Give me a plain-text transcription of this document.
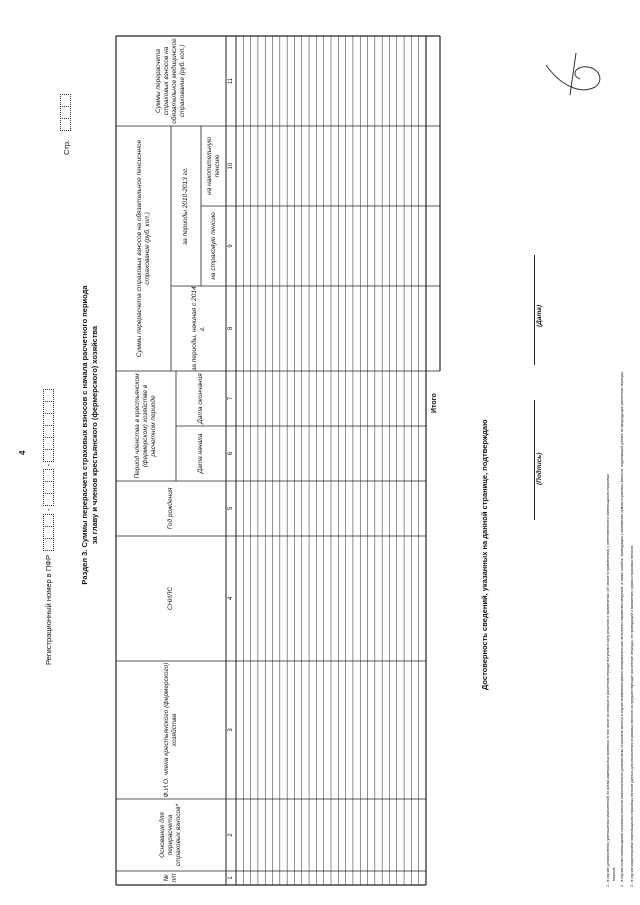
4
Регистрационный номер в ПФР
-
-
Стр.
Раздел 3. Суммы перерасчета страховых взносов с начала расчетного периода за главу и членов крестьянского (фермерского) хозяйства
№ п/п
Основание для перерасчета страховых взносов*
Ф.И.О. члена крестьянского (фермерского) хозяйства
СНИЛС
Год рождения
Период членства в крестьянском (фермерском) хозяйстве в расчетном периоде	Дата начала
Дата окончания
Суммы перерасчета страховых взносов на обязательное пенсионное страхование (руб. коп.)
за периоды, начиная с 2014 г.
за периоды 2010-2013 гг.
на страховую пенсию
на накопительную пенсию
Суммы перерасчета страховых взносов на обязательное медицинское страхование (руб. коп.)
1
2
3
4
5
6
7
8
9
10
11
Итого
Достоверность сведений, указанных на данной странице, подтверждаю	(Подпись)
(Дата)
1 - в случае доначисления (уменьшения начисленной) по актам камеральных проверок, в том числе за которые в расчетном периоде вступили в силу решения о привлечении (об отказе в привлечении) к ответственности плательщиков страховых взносов; 2 - в случае если плательщиком страховых взносов самостоятельно доначислены страховые взносы в случае выявления факта неотражения или неполноты отражения сведений, а также ошибок, приводящих к занижению суммы страховых взносов, подлежащей уплате за предыдущие расчетные периоды; 3 - в случае корректировки плательщиком страховых взносов данных для исчисления страховых взносов за предшествующие расчетные периоды, не приводящей к занижению суммы страховых взносов.
